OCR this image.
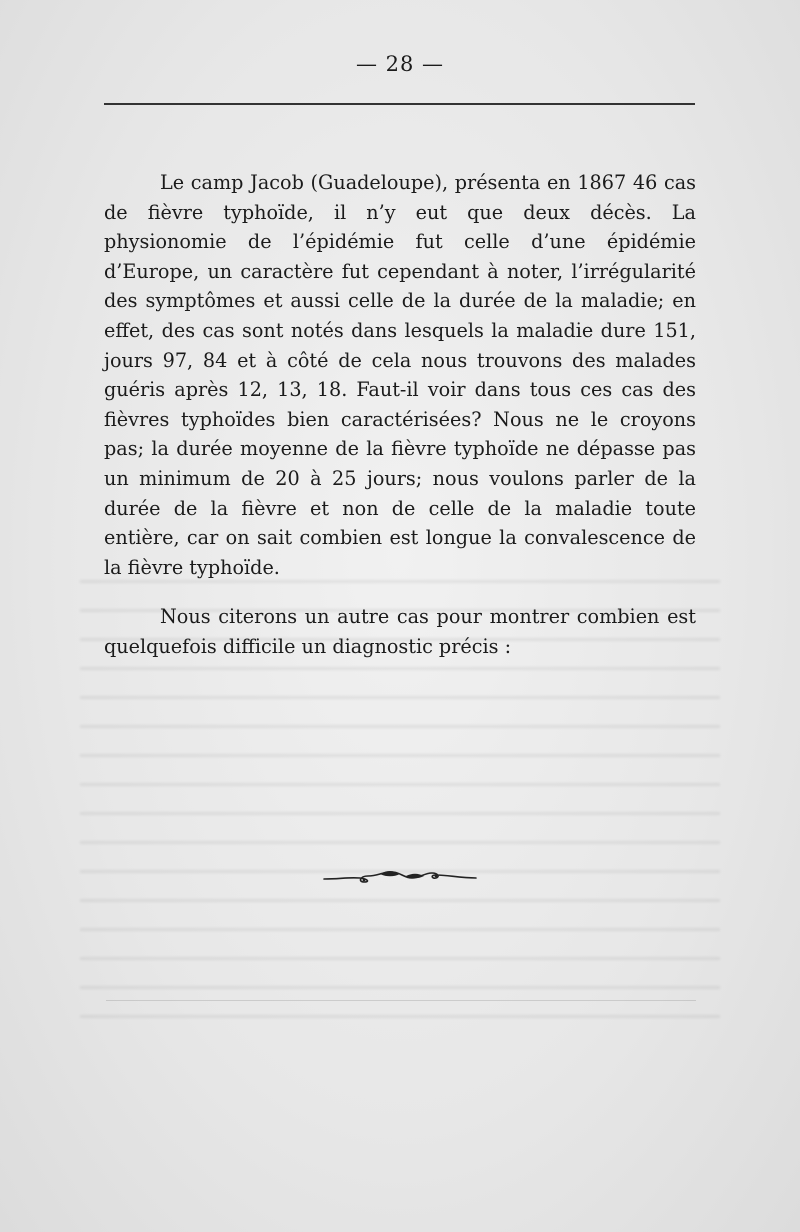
— 28 —

Le camp Jacob (Guadeloupe), présenta en 1867 46 cas de fièvre typhoïde, il n’y eut que deux décès. La physionomie de l’épidémie fut celle d’une épidémie d’Europe, un caractère fut cependant à noter, l’irrégularité des symptômes et aussi celle de la durée de la maladie; en effet, des cas sont notés dans lesquels la maladie dure 151, jours 97, 84 et à côté de cela nous trouvons des malades guéris après 12, 13, 18. Faut-il voir dans tous ces cas des fièvres typhoïdes bien caractérisées? Nous ne le croyons pas; la durée moyenne de la fièvre typhoïde ne dépasse pas un minimum de 20 à 25 jours; nous voulons parler de la durée de la fièvre et non de celle de la maladie toute entière, car on sait combien est longue la convalescence de la fièvre typhoïde.

Nous citerons un autre cas pour montrer combien est quelquefois difficile un diagnostic précis :
